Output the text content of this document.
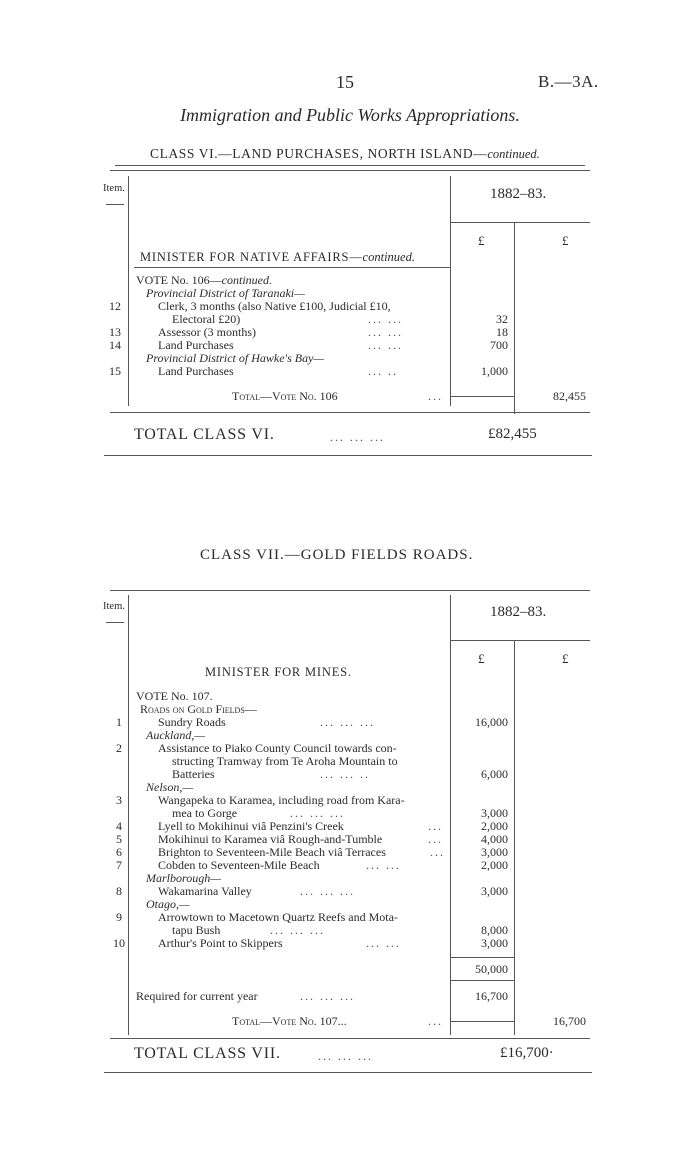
15	B.—3A.
Immigration and Public Works Appropriations.
CLASS VI.—LAND PURCHASES, NORTH ISLAND—continued.
Item.	1882–83.
£	£
MINISTER FOR NATIVE AFFAIRS—continued.
VOTE No. 106—continued.
Provincial District of Taranaki—
12	Clerk, 3 months (also Native £100, Judicial £10,
Electoral £20)	... ...	32
13	Assessor (3 months)	... ...	18
14	Land Purchases	... ...	700
Provincial District of Hawke's Bay—
15	Land Purchases	... ..	1,000
Total—Vote No. 106	...	82,455
TOTAL CLASS VI.	... ... ...	£82,455
CLASS VII.—GOLD FIELDS ROADS.
Item.	1882–83.
£	£
MINISTER FOR MINES.
VOTE No. 107.
Roads on Gold Fields—
1	Sundry Roads	... ... ...	16,000
Auckland,—
2	Assistance to Piako County Council towards con-
structing Tramway from Te Aroha Mountain to
Batteries	... ... ..	6,000
Nelson,—
3	Wangapeka to Karamea, including road from Kara-
mea to Gorge	... ... ...	3,000
4	Lyell to Mokihinui viâ Penzini's Creek	...	2,000
5	Mokihinui to Karamea viâ Rough-and-Tumble	...	4,000
6	Brighton to Seventeen-Mile Beach viâ Terraces	...	3,000
7	Cobden to Seventeen-Mile Beach	... ...	2,000
Marlborough—
8	Wakamarina Valley	... ... ...	3,000
Otago,—
9	Arrowtown to Macetown Quartz Reefs and Mota-
tapu Bush	... ... ...	8,000
10	Arthur's Point to Skippers	... ...	3,000
50,000
Required for current year	... ... ...	16,700
Total—Vote No. 107...	...	16,700
TOTAL CLASS VII.	... ... ...	£16,700·
